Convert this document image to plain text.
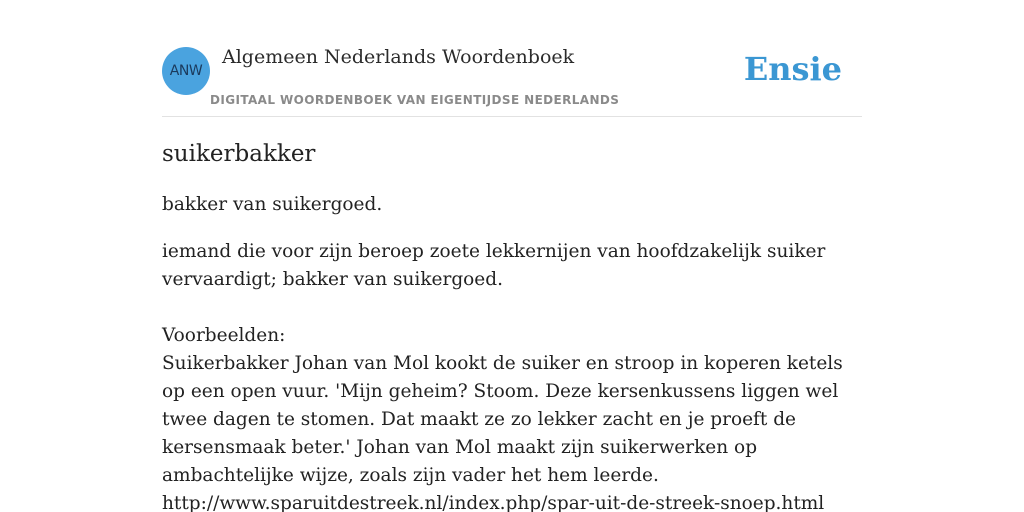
ANW
Algemeen Nederlands Woordenboek
DIGITAAL WOORDENBOEK VAN EIGENTIJDSE NEDERLANDS
Ensie
suikerbakker

bakker van suikergoed.

iemand die voor zijn beroep zoete lekkernijen van hoofdzakelijk suiker vervaardigt; bakker van suikergoed.
Voorbeelden:
Suikerbakker Johan van Mol kookt de suiker en stroop in koperen ketels op een open vuur. 'Mijn geheim? Stoom. Deze kersenkussens liggen wel twee dagen te stomen. Dat maakt ze zo lekker zacht en je proeft de kersensmaak beter.' Johan van Mol maakt zijn suikerwerken op ambachtelijke wijze, zoals zijn vader het hem leerde.
http://www.sparuitdestreek.nl/index.php/spar-uit-de-streek-snoep.html
